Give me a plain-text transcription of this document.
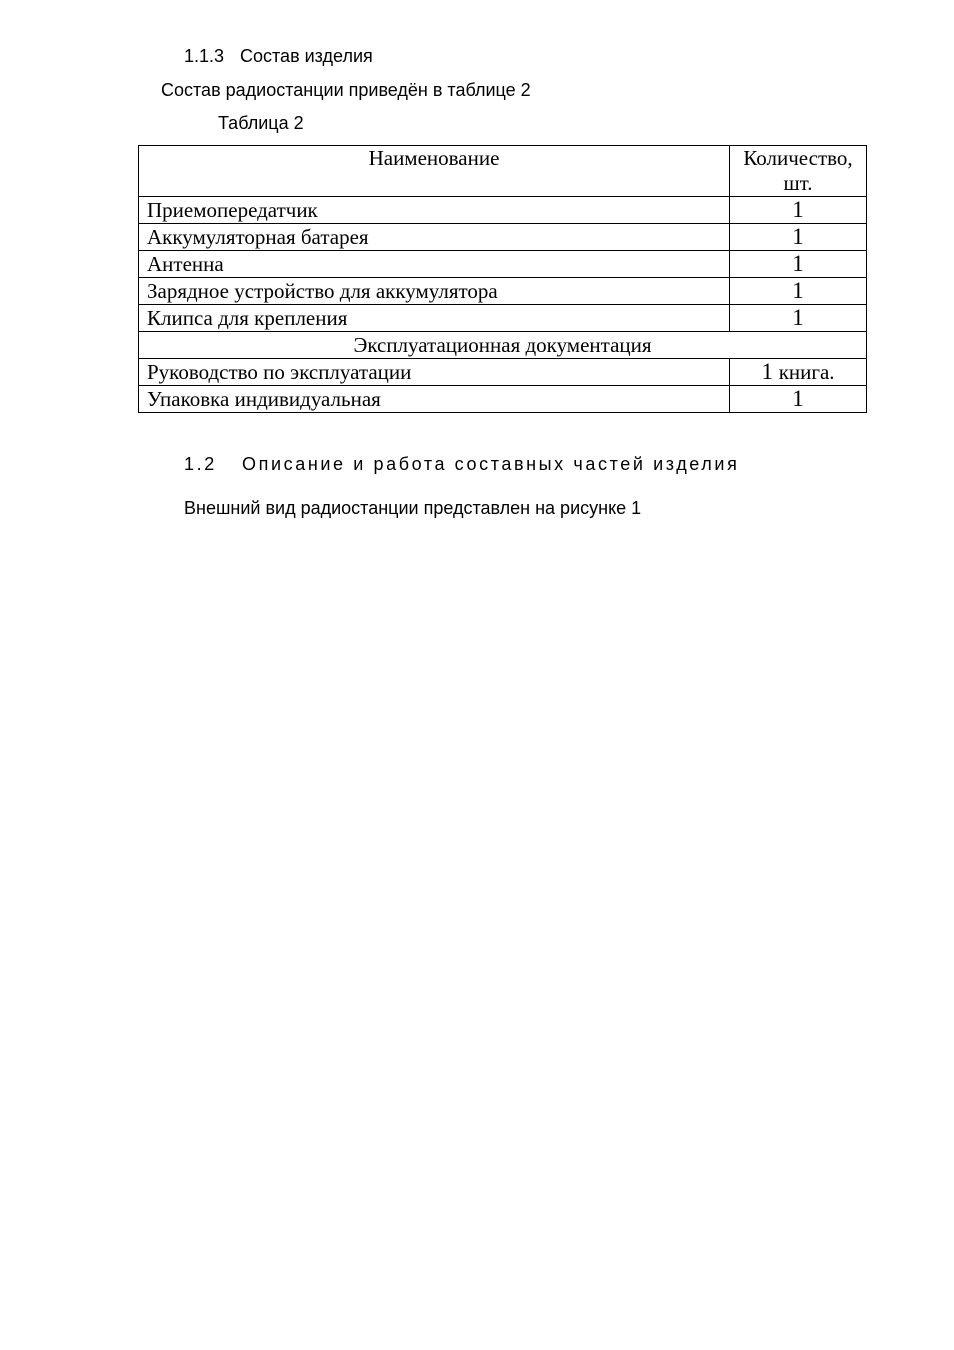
1.1.3 Состав изделия
Состав радиостанции приведён в таблице 2
Таблица 2
Наименование	Количество, шт.
Приемопередатчик	1
Аккумуляторная батарея	1
Антенна	1
Зарядное устройство для аккумулятора	1
Клипса для крепления	1
Эксплуатационная документация	
Руководство по эксплуатации	1 книга.
Упаковка индивидуальная	1
1.2 Описание и работа составных частей изделия
Внешний вид радиостанции представлен на рисунке 1
